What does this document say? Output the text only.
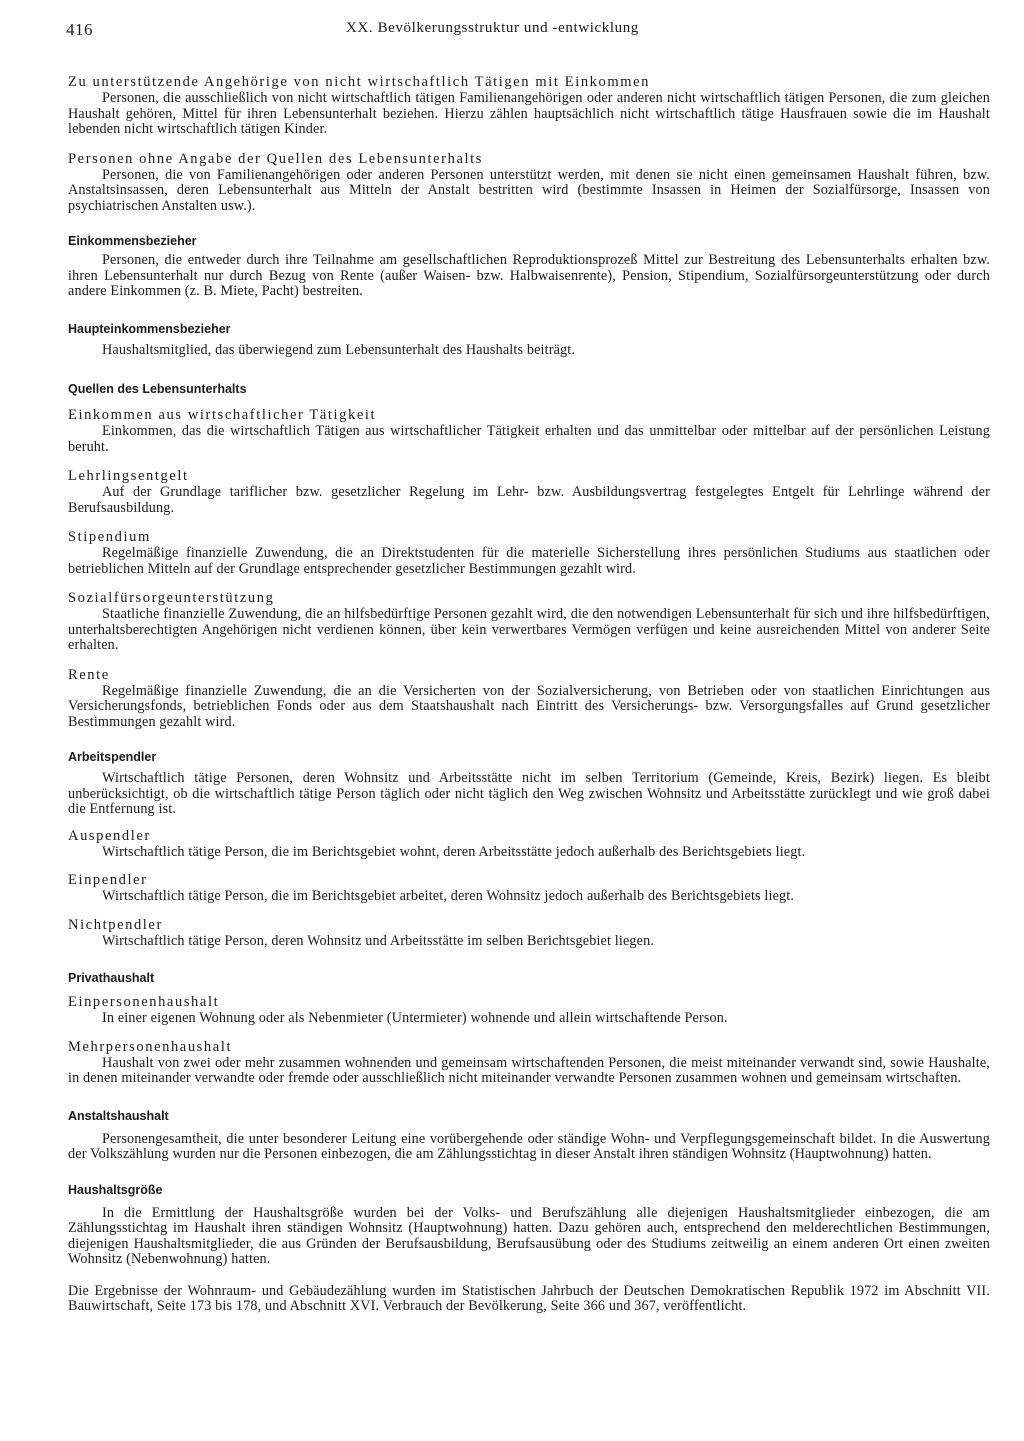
416	XX. Bevölkerungsstruktur und -entwicklung

Zu unterstützende Angehörige von nicht wirtschaftlich Tätigen mit Einkommen

Personen, die ausschließlich von nicht wirtschaftlich tätigen Familienangehörigen oder anderen nicht wirtschaftlich tätigen Personen, die zum gleichen Haushalt gehören, Mittel für ihren Lebensunterhalt beziehen. Hierzu zählen hauptsächlich nicht wirtschaftlich tätige Hausfrauen sowie die im Haushalt lebenden nicht wirtschaftlich tätigen Kinder.

Personen ohne Angabe der Quellen des Lebensunterhalts

Personen, die von Familienangehörigen oder anderen Personen unterstützt werden, mit denen sie nicht einen gemeinsamen Haushalt führen, bzw. Anstaltsinsassen, deren Lebensunterhalt aus Mitteln der Anstalt bestritten wird (bestimmte Insassen in Heimen der Sozialfürsorge, Insassen von psychiatrischen Anstalten usw.).

Einkommensbezieher

Personen, die entweder durch ihre Teilnahme am gesellschaftlichen Reproduktionsprozeß Mittel zur Bestreitung des Lebensunterhalts erhalten bzw. ihren Lebensunterhalt nur durch Bezug von Rente (außer Waisen- bzw. Halbwaisenrente), Pension, Stipendium, Sozialfürsorgeunterstützung oder durch andere Einkommen (z. B. Miete, Pacht) bestreiten.

Haupteinkommensbezieher

Haushaltsmitglied, das überwiegend zum Lebensunterhalt des Haushalts beiträgt.

Quellen des Lebensunterhalts

Einkommen aus wirtschaftlicher Tätigkeit

Einkommen, das die wirtschaftlich Tätigen aus wirtschaftlicher Tätigkeit erhalten und das unmittelbar oder mittelbar auf der persönlichen Leistung beruht.

Lehrlingsentgelt

Auf der Grundlage tariflicher bzw. gesetzlicher Regelung im Lehr- bzw. Ausbildungsvertrag festgelegtes Entgelt für Lehrlinge während der Berufsausbildung.

Stipendium

Regelmäßige finanzielle Zuwendung, die an Direktstudenten für die materielle Sicherstellung ihres persönlichen Studiums aus staatlichen oder betrieblichen Mitteln auf der Grundlage entsprechender gesetzlicher Bestimmungen gezahlt wird.

Sozialfürsorgeunterstützung

Staatliche finanzielle Zuwendung, die an hilfsbedürftige Personen gezahlt wird, die den notwendigen Lebensunterhalt für sich und ihre hilfsbedürftigen, unterhaltsberechtigten Angehörigen nicht verdienen können, über kein verwertbares Vermögen verfügen und keine ausreichenden Mittel von anderer Seite erhalten.

Rente

Regelmäßige finanzielle Zuwendung, die an die Versicherten von der Sozialversicherung, von Betrieben oder von staatlichen Einrichtungen aus Versicherungsfonds, betrieblichen Fonds oder aus dem Staatshaushalt nach Eintritt des Versicherungs- bzw. Versorgungsfalles auf Grund gesetzlicher Bestimmungen gezahlt wird.

Arbeitspendler

Wirtschaftlich tätige Personen, deren Wohnsitz und Arbeitsstätte nicht im selben Territorium (Gemeinde, Kreis, Bezirk) liegen. Es bleibt unberücksichtigt, ob die wirtschaftlich tätige Person täglich oder nicht täglich den Weg zwischen Wohnsitz und Arbeitsstätte zurücklegt und wie groß dabei die Entfernung ist.

Auspendler

Wirtschaftlich tätige Person, die im Berichtsgebiet wohnt, deren Arbeitsstätte jedoch außerhalb des Berichtsgebiets liegt.

Einpendler

Wirtschaftlich tätige Person, die im Berichtsgebiet arbeitet, deren Wohnsitz jedoch außerhalb des Berichtsgebiets liegt.

Nichtpendler

Wirtschaftlich tätige Person, deren Wohnsitz und Arbeitsstätte im selben Berichtsgebiet liegen.

Privathaushalt

Einpersonenhaushalt

In einer eigenen Wohnung oder als Nebenmieter (Untermieter) wohnende und allein wirtschaftende Person.

Mehrpersonenhaushalt

Haushalt von zwei oder mehr zusammen wohnenden und gemeinsam wirtschaftenden Personen, die meist miteinander verwandt sind, sowie Haushalte, in denen miteinander verwandte oder fremde oder ausschließlich nicht miteinander verwandte Personen zusammen wohnen und gemeinsam wirtschaften.

Anstaltshaushalt

Personengesamtheit, die unter besonderer Leitung eine vorübergehende oder ständige Wohn- und Verpflegungsgemeinschaft bildet. In die Auswertung der Volkszählung wurden nur die Personen einbezogen, die am Zählungsstichtag in dieser Anstalt ihren ständigen Wohnsitz (Hauptwohnung) hatten.

Haushaltsgröße

In die Ermittlung der Haushaltsgröße wurden bei der Volks- und Berufszählung alle diejenigen Haushaltsmitglieder einbezogen, die am Zählungsstichtag im Haushalt ihren ständigen Wohnsitz (Hauptwohnung) hatten. Dazu gehören auch, entsprechend den melderechtlichen Bestimmungen, diejenigen Haushaltsmitglieder, die aus Gründen der Berufsausbildung, Berufsausübung oder des Studiums zeitweilig an einem anderen Ort einen zweiten Wohnsitz (Nebenwohnung) hatten.

Die Ergebnisse der Wohnraum- und Gebäudezählung wurden im Statistischen Jahrbuch der Deutschen Demokratischen Republik 1972 im Abschnitt VII. Bauwirtschaft, Seite 173 bis 178, und Abschnitt XVI. Verbrauch der Bevölkerung, Seite 366 und 367, veröffentlicht.
